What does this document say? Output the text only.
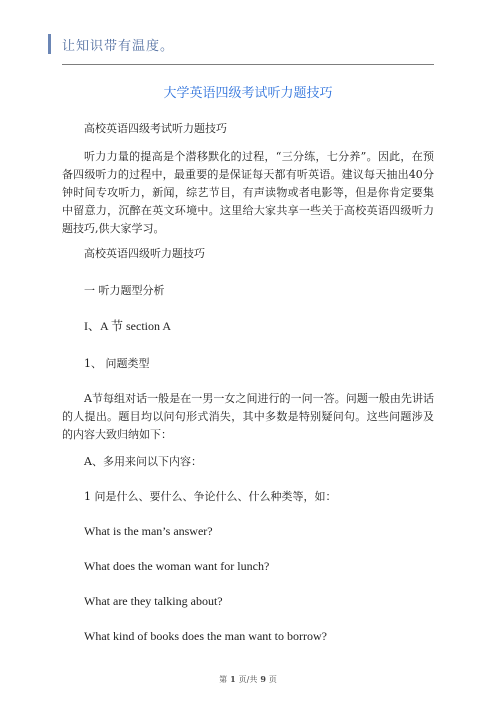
让知识带有温度。
大学英语四级考试听力题技巧
高校英语四级考试听力题技巧
听力力量的提高是个潜移默化的过程，“三分练，七分养”。因此，在预备四级听力的过程中，最重要的是保证每天都有听英语。建议每天抽出40分钟时间专攻听力，新闻，综艺节目，有声读物或者电影等，但是你肯定要集中留意力，沉醉在英文环境中。这里给大家共享一些关于高校英语四级听力题技巧,供大家学习。
高校英语四级听力题技巧
一 听力题型分析
I、A 节 section A
1、 问题类型
A节每组对话一般是在一男一女之间进行的一问一答。问题一般由先讲话的人提出。题目均以问句形式消失，其中多数是特别疑问句。这些问题涉及的内容大致归纳如下：
A、多用来问以下内容：
1 问是什么、要什么、争论什么、什么种类等，如：
What is the man’s answer?
What does the woman want for lunch?
What are they talking about?
What kind of books does the man want to borrow?
第 1 页/共 9 页
